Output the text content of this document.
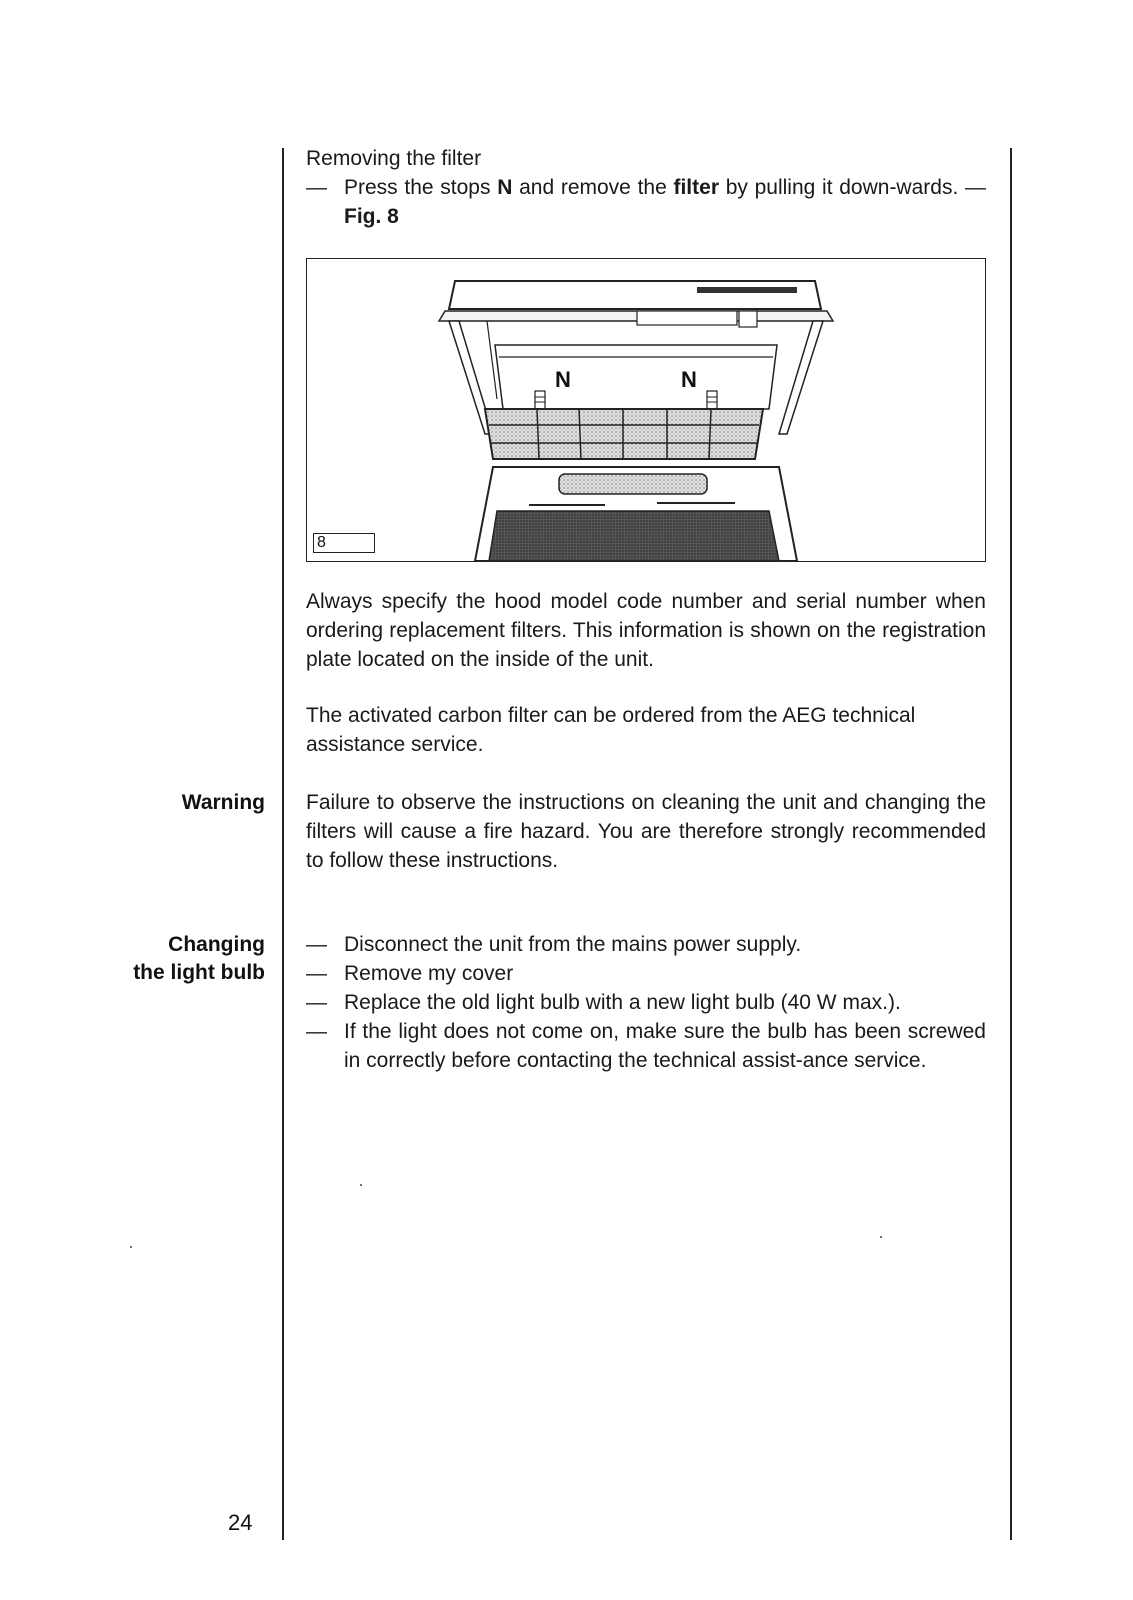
Removing the filter

— Press the stops N and remove the filter by pulling it down-wards. — Fig. 8

N	N
8

Always specify the hood model code number and serial number when ordering replacement filters. This information is shown on the registration plate located on the inside of the unit.

The activated carbon filter can be ordered from the AEG technical assistance service.

Warning Failure to observe the instructions on cleaning the unit and changing the filters will cause a fire hazard. You are therefore strongly recommended to follow these instructions.

Changing
the light bulb

— Disconnect the unit from the mains power supply.

— Remove my cover

— Replace the old light bulb with a new light bulb (40 W max.).

— If the light does not come on, make sure the bulb has been screwed in correctly before contacting the technical assist-ance service.

24
